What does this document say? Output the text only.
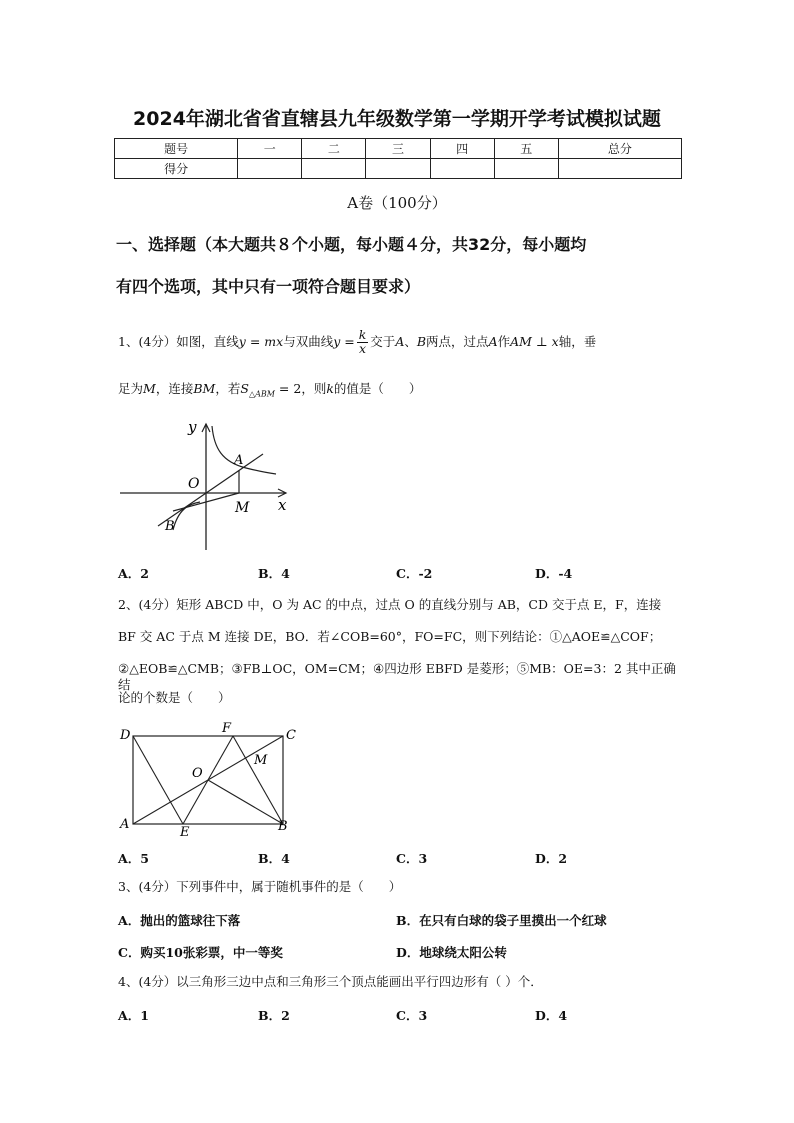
2024年湖北省省直辖县九年级数学第一学期开学考试模拟试题
题号	一	二	三	四	五	总分
得分						
A卷（100分）
一、选择题（本大题共８个小题，每小题４分，共32分，每小题均
有四个选项，其中只有一项符合题目要求）
1、(4分）如图，直线 y = mx 与双曲线 $y = \frac{k}{x}$ 交于 A 、 B 两点，过点 A 作 AM ⊥ x 轴，垂
足为M，连接BM，若$S_{\triangle ABM} = 2$，则k的值是（　　）
y
A
O
M x
B
A．2	B．4	C．-2	D．-4
2、(4分）矩形 ABCD 中，O 为 AC 的中点，过点 O 的直线分别与 AB，CD 交于点 E，F，连接
BF 交 AC 于点 M 连接 DE，BO．若∠COB=60°，FO=FC，则下列结论：①△AOE≌△COF；
②△EOB≌△CMB；③FB⊥OC，OM=CM；④四边形 EBFD 是菱形；⑤MB：OE=3：2 其中正确结
论的个数是（　　）
D	F	C
M
O
A
E	B
A．5	B．4	C．3	D．2
3、(4分）下列事件中，属于随机事件的是（　　）
A．抛出的篮球往下落	B．在只有白球的袋子里摸出一个红球
C．购买10张彩票，中一等奖	D．地球绕太阳公转
4、(4分）以三角形三边中点和三角形三个顶点能画出平行四边形有（ ）个．
A．1	B．2	C．3	D．4
